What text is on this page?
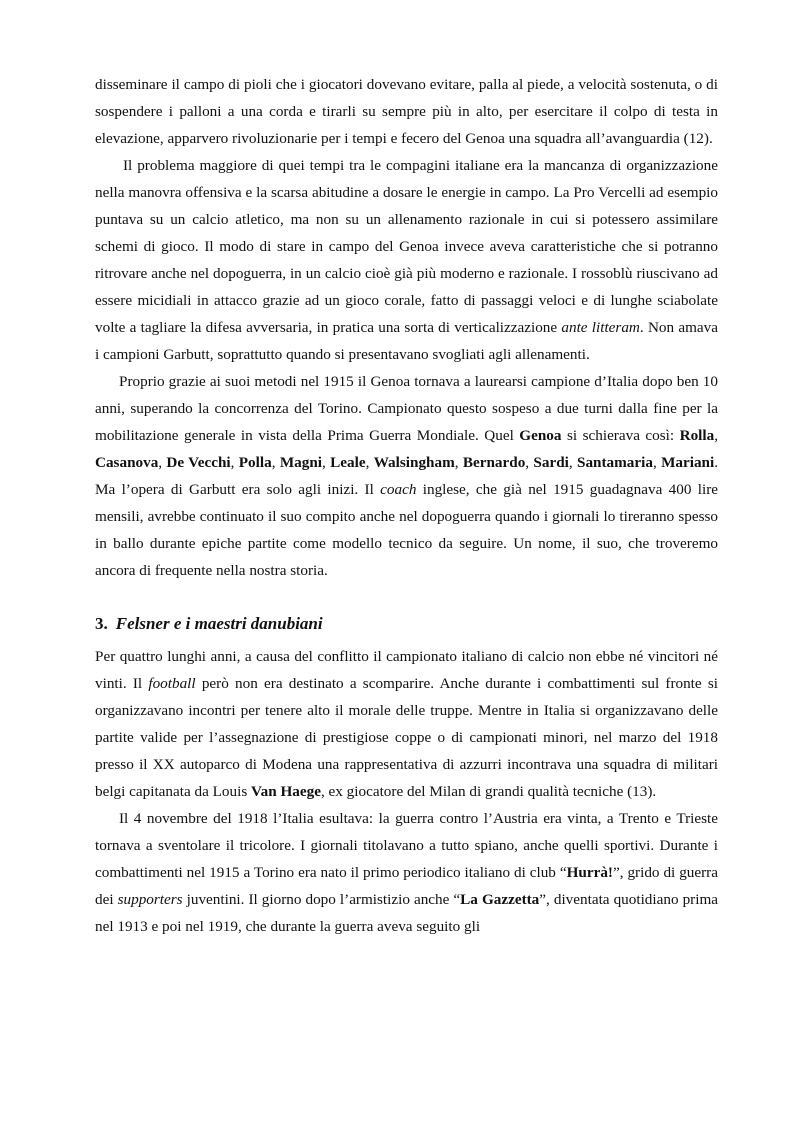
disseminare il campo di pioli che i giocatori dovevano evitare, palla al piede, a velocità sostenuta, o di sospendere i palloni a una corda e tirarli su sempre più in alto, per esercitare il colpo di testa in elevazione, apparvero rivoluzionarie per i tempi e fecero del Genoa una squadra all’avanguardia (12).

Il problema maggiore di quei tempi tra le compagini italiane era la mancanza di organizzazione nella manovra offensiva e la scarsa abitudine a dosare le energie in campo. La Pro Vercelli ad esempio puntava su un calcio atletico, ma non su un allenamento razionale in cui si potessero assimilare schemi di gioco. Il modo di stare in campo del Genoa invece aveva caratteristiche che si potranno ritrovare anche nel dopoguerra, in un calcio cioè già più moderno e razionale. I rossoblù riuscivano ad essere micidiali in attacco grazie ad un gioco corale, fatto di passaggi veloci e di lunghe sciabolate volte a tagliare la difesa avversaria, in pratica una sorta di verticalizzazione ante litteram. Non amava i campioni Garbutt, soprattutto quando si presentavano svogliati agli allenamenti.

Proprio grazie ai suoi metodi nel 1915 il Genoa tornava a laurearsi campione d’Italia dopo ben 10 anni, superando la concorrenza del Torino. Campionato questo sospeso a due turni dalla fine per la mobilitazione generale in vista della Prima Guerra Mondiale. Quel Genoa si schierava così: Rolla, Casanova, De Vecchi, Polla, Magni, Leale, Walsingham, Bernardo, Sardi, Santamaria, Mariani. Ma l’opera di Garbutt era solo agli inizi. Il coach inglese, che già nel 1915 guadagnava 400 lire mensili, avrebbe continuato il suo compito anche nel dopoguerra quando i giornali lo tireranno spesso in ballo durante epiche partite come modello tecnico da seguire. Un nome, il suo, che troveremo ancora di frequente nella nostra storia.

3. Felsner e i maestri danubiani

Per quattro lunghi anni, a causa del conflitto il campionato italiano di calcio non ebbe né vincitori né vinti. Il football però non era destinato a scomparire. Anche durante i combattimenti sul fronte si organizzavano incontri per tenere alto il morale delle truppe. Mentre in Italia si organizzavano delle partite valide per l’assegnazione di prestigiose coppe o di campionati minori, nel marzo del 1918 presso il XX autoparco di Modena una rappresentativa di azzurri incontrava una squadra di militari belgi capitanata da Louis Van Haege, ex giocatore del Milan di grandi qualità tecniche (13).

Il 4 novembre del 1918 l’Italia esultava: la guerra contro l’Austria era vinta, a Trento e Trieste tornava a sventolare il tricolore. I giornali titolavano a tutto spiano, anche quelli sportivi. Durante i combattimenti nel 1915 a Torino era nato il primo periodico italiano di club “Hurrà!”, grido di guerra dei supporters juventini. Il giorno dopo l’armistizio anche “La Gazzetta”, diventata quotidiano prima nel 1913 e poi nel 1919, che durante la guerra aveva seguito gli
